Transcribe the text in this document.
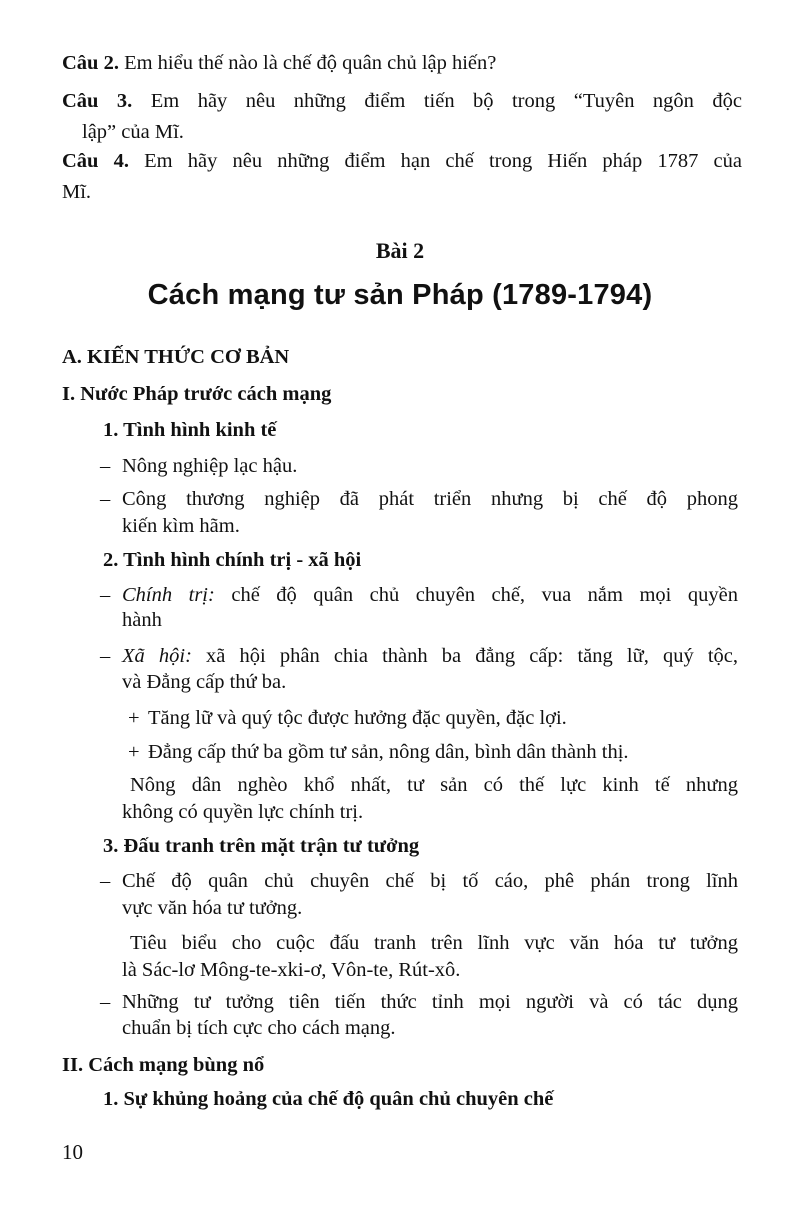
Câu 2. Em hiểu thế nào là chế độ quân chủ lập hiến?
Câu 3. Em hãy nêu những điểm tiến bộ trong “Tuyên ngôn độc
lập” của Mĩ.
Câu 4. Em hãy nêu những điểm hạn chế trong Hiến pháp 1787 của
Mĩ.
Bài 2
Cách mạng tư sản Pháp (1789-1794)
A. KIẾN THỨC CƠ BẢN
I. Nước Pháp trước cách mạng
1. Tình hình kinh tế
– Nông nghiệp lạc hậu.
– Công thương nghiệp đã phát triển nhưng bị chế độ phong
kiến kìm hãm.
2. Tình hình chính trị - xã hội
– Chính trị: chế độ quân chủ chuyên chế, vua nắm mọi quyền
hành
– Xã hội: xã hội phân chia thành ba đẳng cấp: tăng lữ, quý tộc,
và Đẳng cấp thứ ba.
+ Tăng lữ và quý tộc được hưởng đặc quyền, đặc lợi.
+ Đẳng cấp thứ ba gồm tư sản, nông dân, bình dân thành thị.
Nông dân nghèo khổ nhất, tư sản có thế lực kinh tế nhưng
không có quyền lực chính trị.
3. Đấu tranh trên mặt trận tư tưởng
– Chế độ quân chủ chuyên chế bị tố cáo, phê phán trong lĩnh
vực văn hóa tư tưởng.
Tiêu biểu cho cuộc đấu tranh trên lĩnh vực văn hóa tư tưởng
là Sác-lơ Mông-te-xki-ơ, Vôn-te, Rút-xô.
– Những tư tưởng tiên tiến thức tỉnh mọi người và có tác dụng
chuẩn bị tích cực cho cách mạng.
II. Cách mạng bùng nổ
1. Sự khủng hoảng của chế độ quân chủ chuyên chế
10
